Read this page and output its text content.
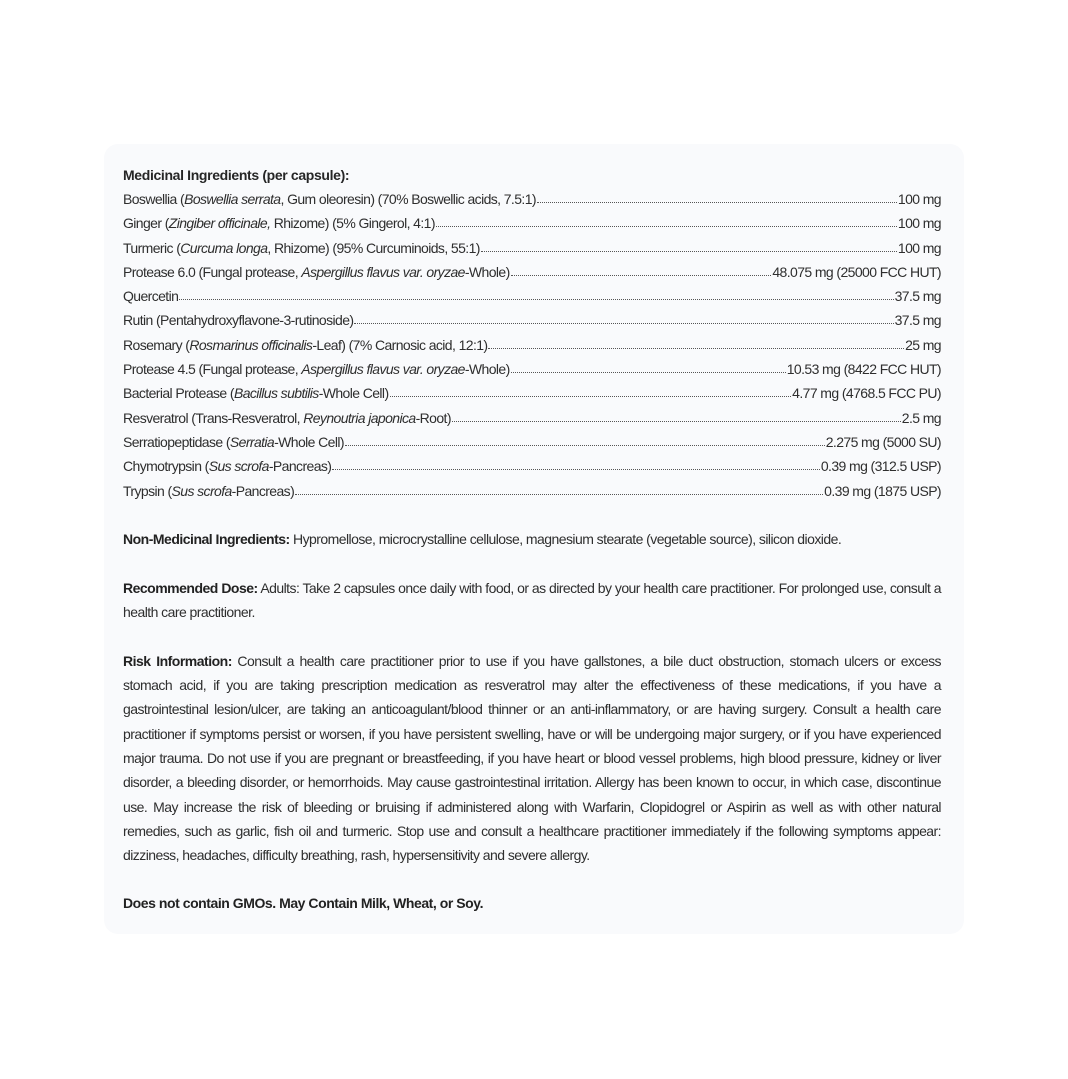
Medicinal Ingredients (per capsule):

Boswellia (Boswellia serrata, Gum oleoresin) (70% Boswellic acids, 7.5:1)	100 mg
Ginger (Zingiber officinale, Rhizome) (5% Gingerol, 4:1)	100 mg
Turmeric (Curcuma longa, Rhizome) (95% Curcuminoids, 55:1)	100 mg
Protease 6.0 (Fungal protease, Aspergillus flavus var. oryzae-Whole)	48.075 mg (25000 FCC HUT)
Quercetin	37.5 mg
Rutin (Pentahydroxyflavone-3-rutinoside)	37.5 mg
Rosemary (Rosmarinus officinalis-Leaf) (7% Carnosic acid, 12:1)	25 mg
Protease 4.5 (Fungal protease, Aspergillus flavus var. oryzae-Whole)	10.53 mg (8422 FCC HUT)
Bacterial Protease (Bacillus subtilis-Whole Cell)	4.77 mg (4768.5 FCC PU)
Resveratrol (Trans-Resveratrol, Reynoutria japonica-Root)	2.5 mg
Serratiopeptidase (Serratia-Whole Cell)	2.275 mg (5000 SU)
Chymotrypsin (Sus scrofa-Pancreas)	0.39 mg (312.5 USP)
Trypsin (Sus scrofa-Pancreas)	0.39 mg (1875 USP)

Non-Medicinal Ingredients: Hypromellose, microcrystalline cellulose, magnesium stearate (vegetable source), silicon dioxide.

Recommended Dose: Adults: Take 2 capsules once daily with food, or as directed by your health care practitioner. For prolonged use, consult a health care practitioner.

Risk Information: Consult a health care practitioner prior to use if you have gallstones, a bile duct obstruction, stomach ulcers or excess stomach acid, if you are taking prescription medication as resveratrol may alter the effectiveness of these medications, if you have a gastrointestinal lesion/ulcer, are taking an anticoagulant/blood thinner or an anti-inflammatory, or are having surgery. Consult a health care practitioner if symptoms persist or worsen, if you have persistent swelling, have or will be undergoing major surgery, or if you have experienced major trauma. Do not use if you are pregnant or breastfeeding, if you have heart or blood vessel problems, high blood pressure, kidney or liver disorder, a bleeding disorder, or hemorrhoids. May cause gastrointestinal irritation. Allergy has been known to occur, in which case, discontinue use. May increase the risk of bleeding or bruising if administered along with Warfarin, Clopidogrel or Aspirin as well as with other natural remedies, such as garlic, fish oil and turmeric. Stop use and consult a healthcare practitioner immediately if the following symptoms appear: dizziness, headaches, difficulty breathing, rash, hypersensitivity and severe allergy.

Does not contain GMOs. May Contain Milk, Wheat, or Soy.
